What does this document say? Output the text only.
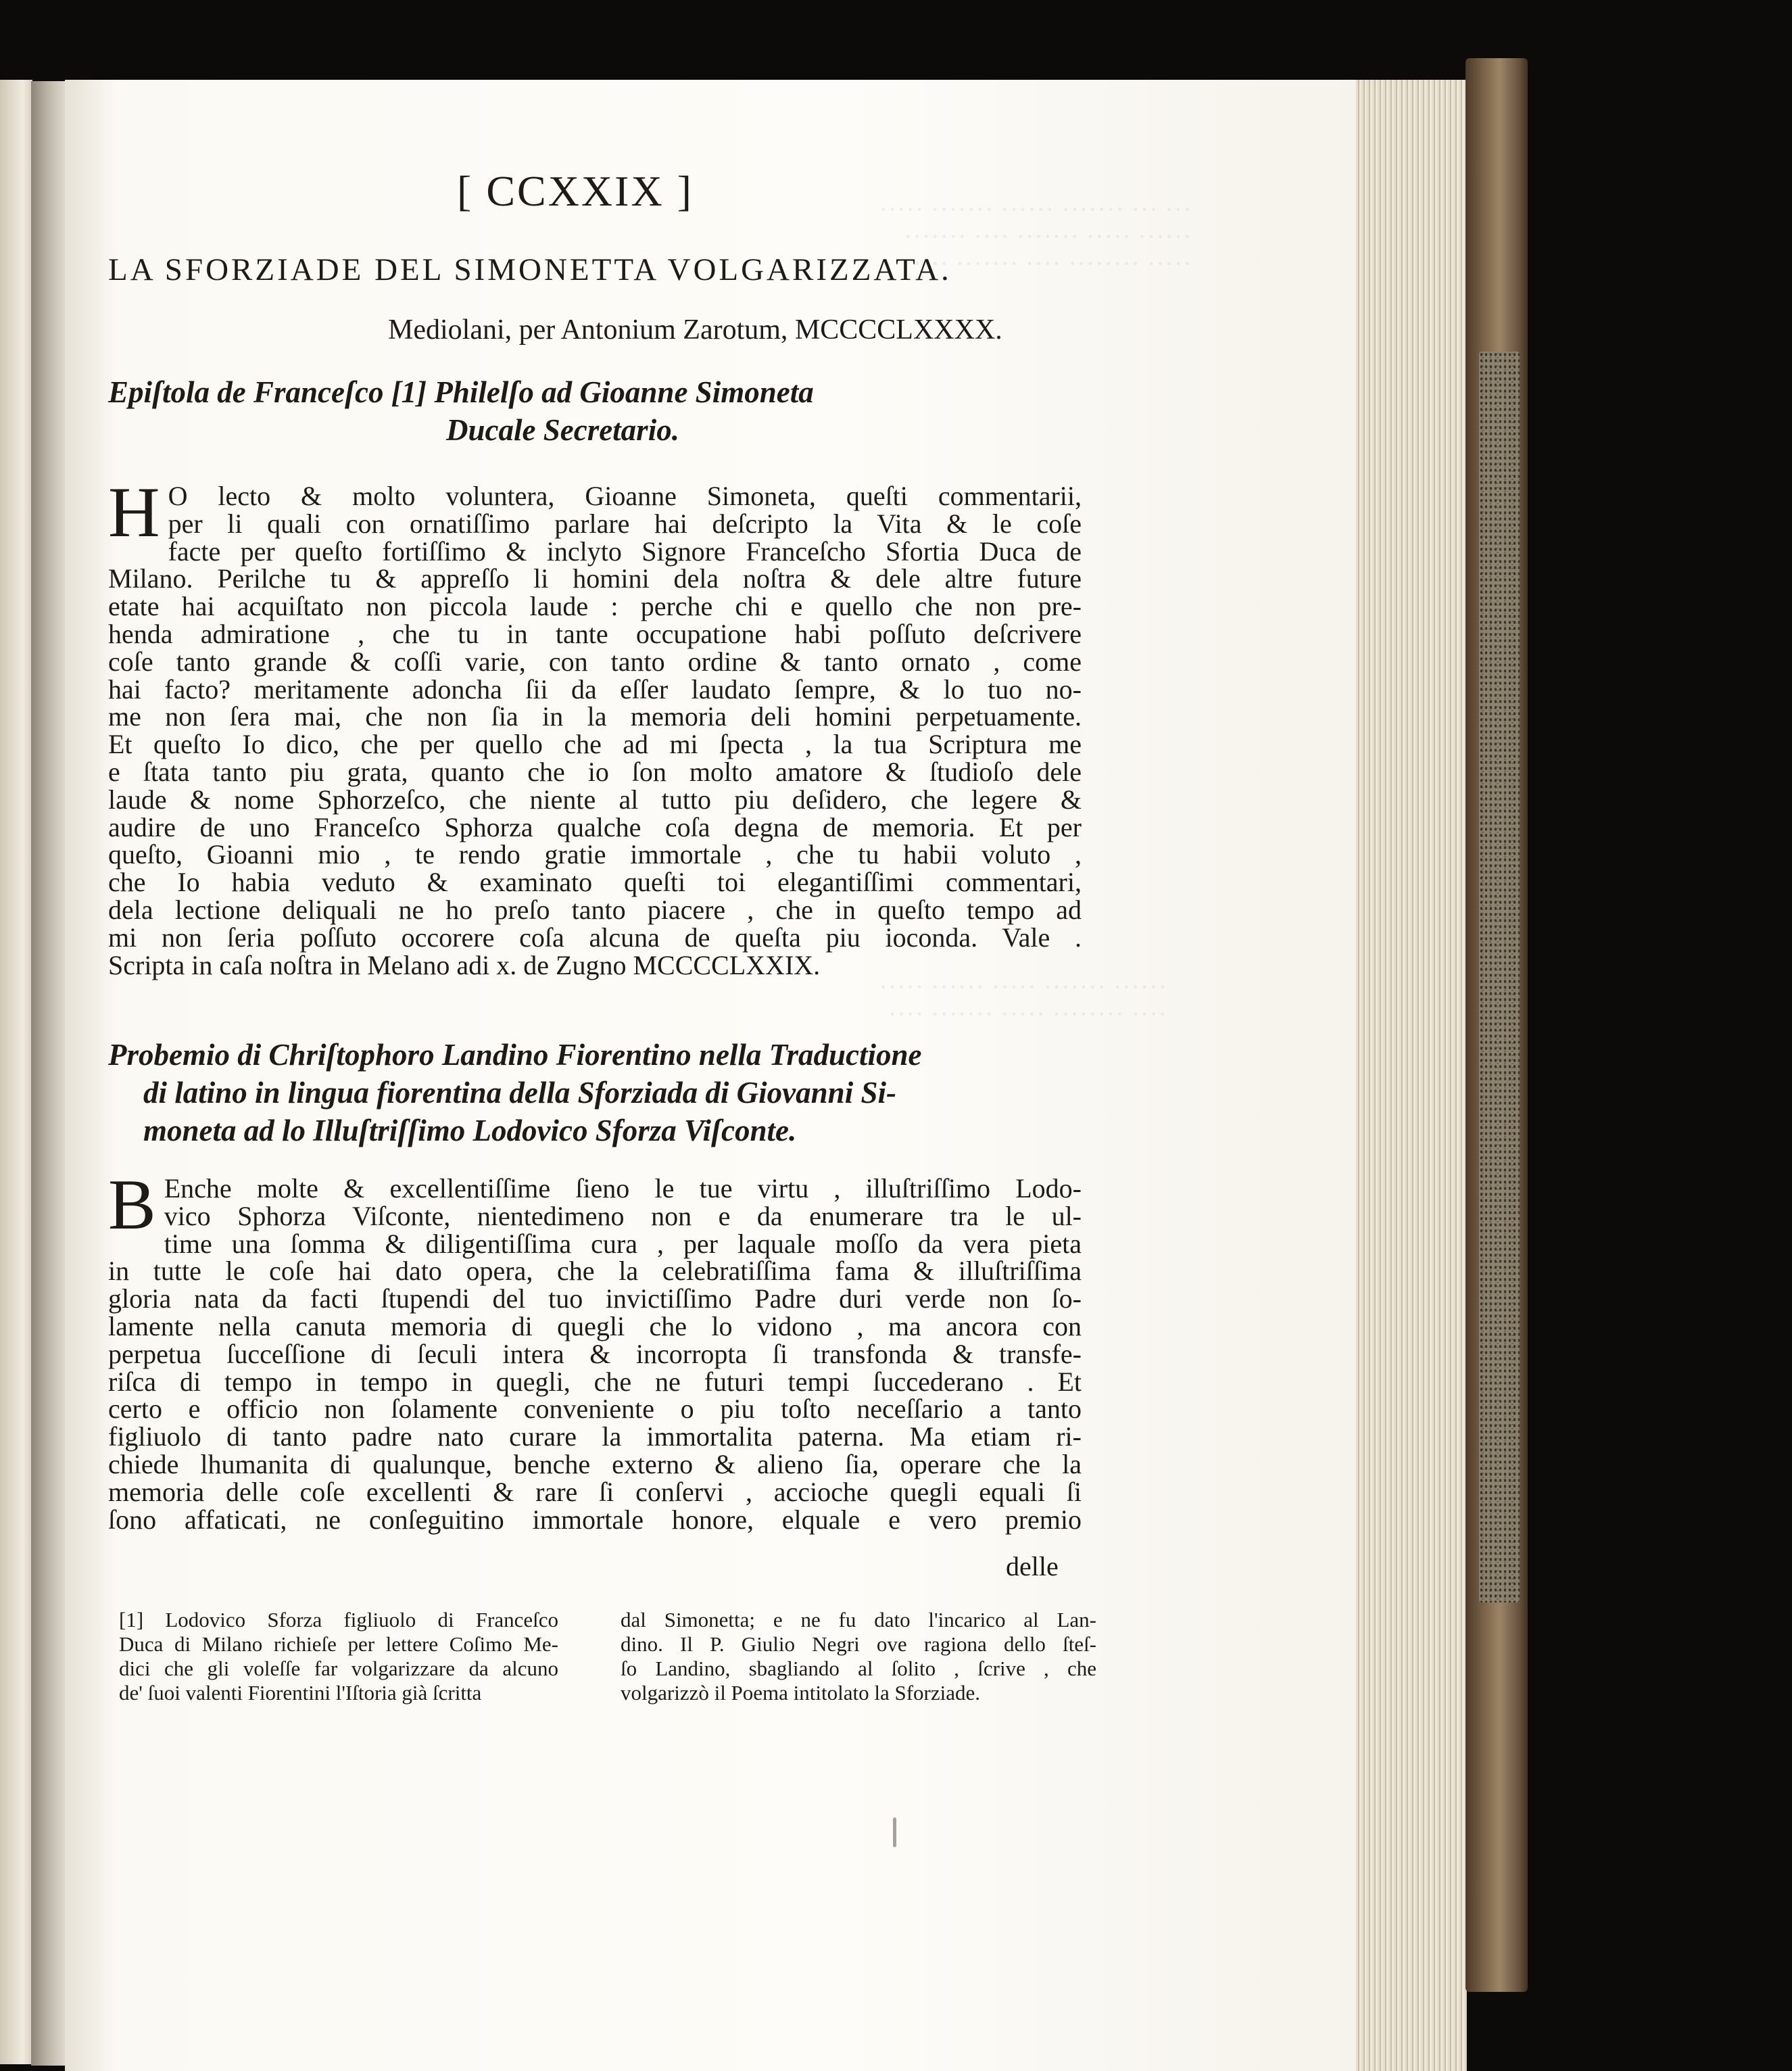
··· ··· ······· ······ ······· ·····
······ ····· ······· ···· ·······
····· ········ ···· ······· ····
······ ······· ····· ······ ·····
···· ········ ····· ······· ····
[ CCXXIX ]
LA SFORZIADE DEL SIMONETTA VOLGARIZZATA.
Mediolani, per Antonium Zarotum, MCCCCLXXXX.
Epiſtola de Franceſco [1] Philelſo ad Gioanne Simoneta
Ducale Secretario.
H O lecto & molto voluntera, Gioanne Simoneta, queſti commentarii,
per li quali con ornatiſſimo parlare hai deſcripto la Vita & le coſe
facte per queſto fortiſſimo & inclyto Signore Franceſcho Sfortia Duca de
Milano. Perilche tu & appreſſo li homini dela noſtra & dele altre future
etate hai acquiſtato non piccola laude : perche chi e quello che non pre-
henda admiratione , che tu in tante occupatione habi poſſuto deſcrivere
coſe tanto grande & coſſi varie, con tanto ordine & tanto ornato , come
hai facto? meritamente adoncha ſii da eſſer laudato ſempre, & lo tuo no-
me non ſera mai, che non ſia in la memoria deli homini perpetuamente.
Et queſto Io dico, che per quello che ad mi ſpecta , la tua Scriptura me
e ſtata tanto piu grata, quanto che io ſon molto amatore & ſtudioſo dele
laude & nome Sphorzeſco, che niente al tutto piu deſidero, che legere &
audire de uno Franceſco Sphorza qualche coſa degna de memoria. Et per
queſto, Gioanni mio , te rendo gratie immortale , che tu habii voluto ,
che Io habia veduto & examinato queſti toi elegantiſſimi commentari,
dela lectione deliquali ne ho preſo tanto piacere , che in queſto tempo ad
mi non ſeria poſſuto occorere coſa alcuna de queſta piu ioconda. Vale .
Scripta in caſa noſtra in Melano adi x. de Zugno MCCCCLXXIX.
Probemio di Chriſtophoro Landino Fiorentino nella Traductione
di latino in lingua fiorentina della Sforziada di Giovanni Si-
moneta ad lo Illuſtriſſimo Lodovico Sforza Viſconte.
B Enche molte & excellentiſſime ſieno le tue virtu , illuſtriſſimo Lodo-
vico Sphorza Viſconte, nientedimeno non e da enumerare tra le ul-
time una ſomma & diligentiſſima cura , per laquale moſſo da vera pieta
in tutte le coſe hai dato opera, che la celebratiſſima fama & illuſtriſſima
gloria nata da facti ſtupendi del tuo invictiſſimo Padre duri verde non ſo-
lamente nella canuta memoria di quegli che lo vidono , ma ancora con
perpetua ſucceſſione di ſeculi intera & incorropta ſi transfonda & transfe-
riſca di tempo in tempo in quegli, che ne futuri tempi ſuccederano . Et
certo e officio non ſolamente conveniente o piu toſto neceſſario a tanto
figliuolo di tanto padre nato curare la immortalita paterna. Ma etiam ri-
chiede lhumanita di qualunque, benche externo & alieno ſia, operare che la
memoria delle coſe excellenti & rare ſi conſervi , accioche quegli equali ſi
ſono affaticati, ne conſeguitino immortale honore, elquale e vero premio
delle
[1] Lodovico Sforza figliuolo di Franceſco
Duca di Milano richieſe per lettere Coſimo Me-
dici che gli voleſſe far volgarizzare da alcuno
de' ſuoi valenti Fiorentini l'Iſtoria già ſcritta
dal Simonetta; e ne fu dato l'incarico al Lan-
dino. Il P. Giulio Negri ove ragiona dello ſteſ-
ſo Landino, sbagliando al ſolito , ſcrive , che
volgarizzò il Poema intitolato la Sforziade.
